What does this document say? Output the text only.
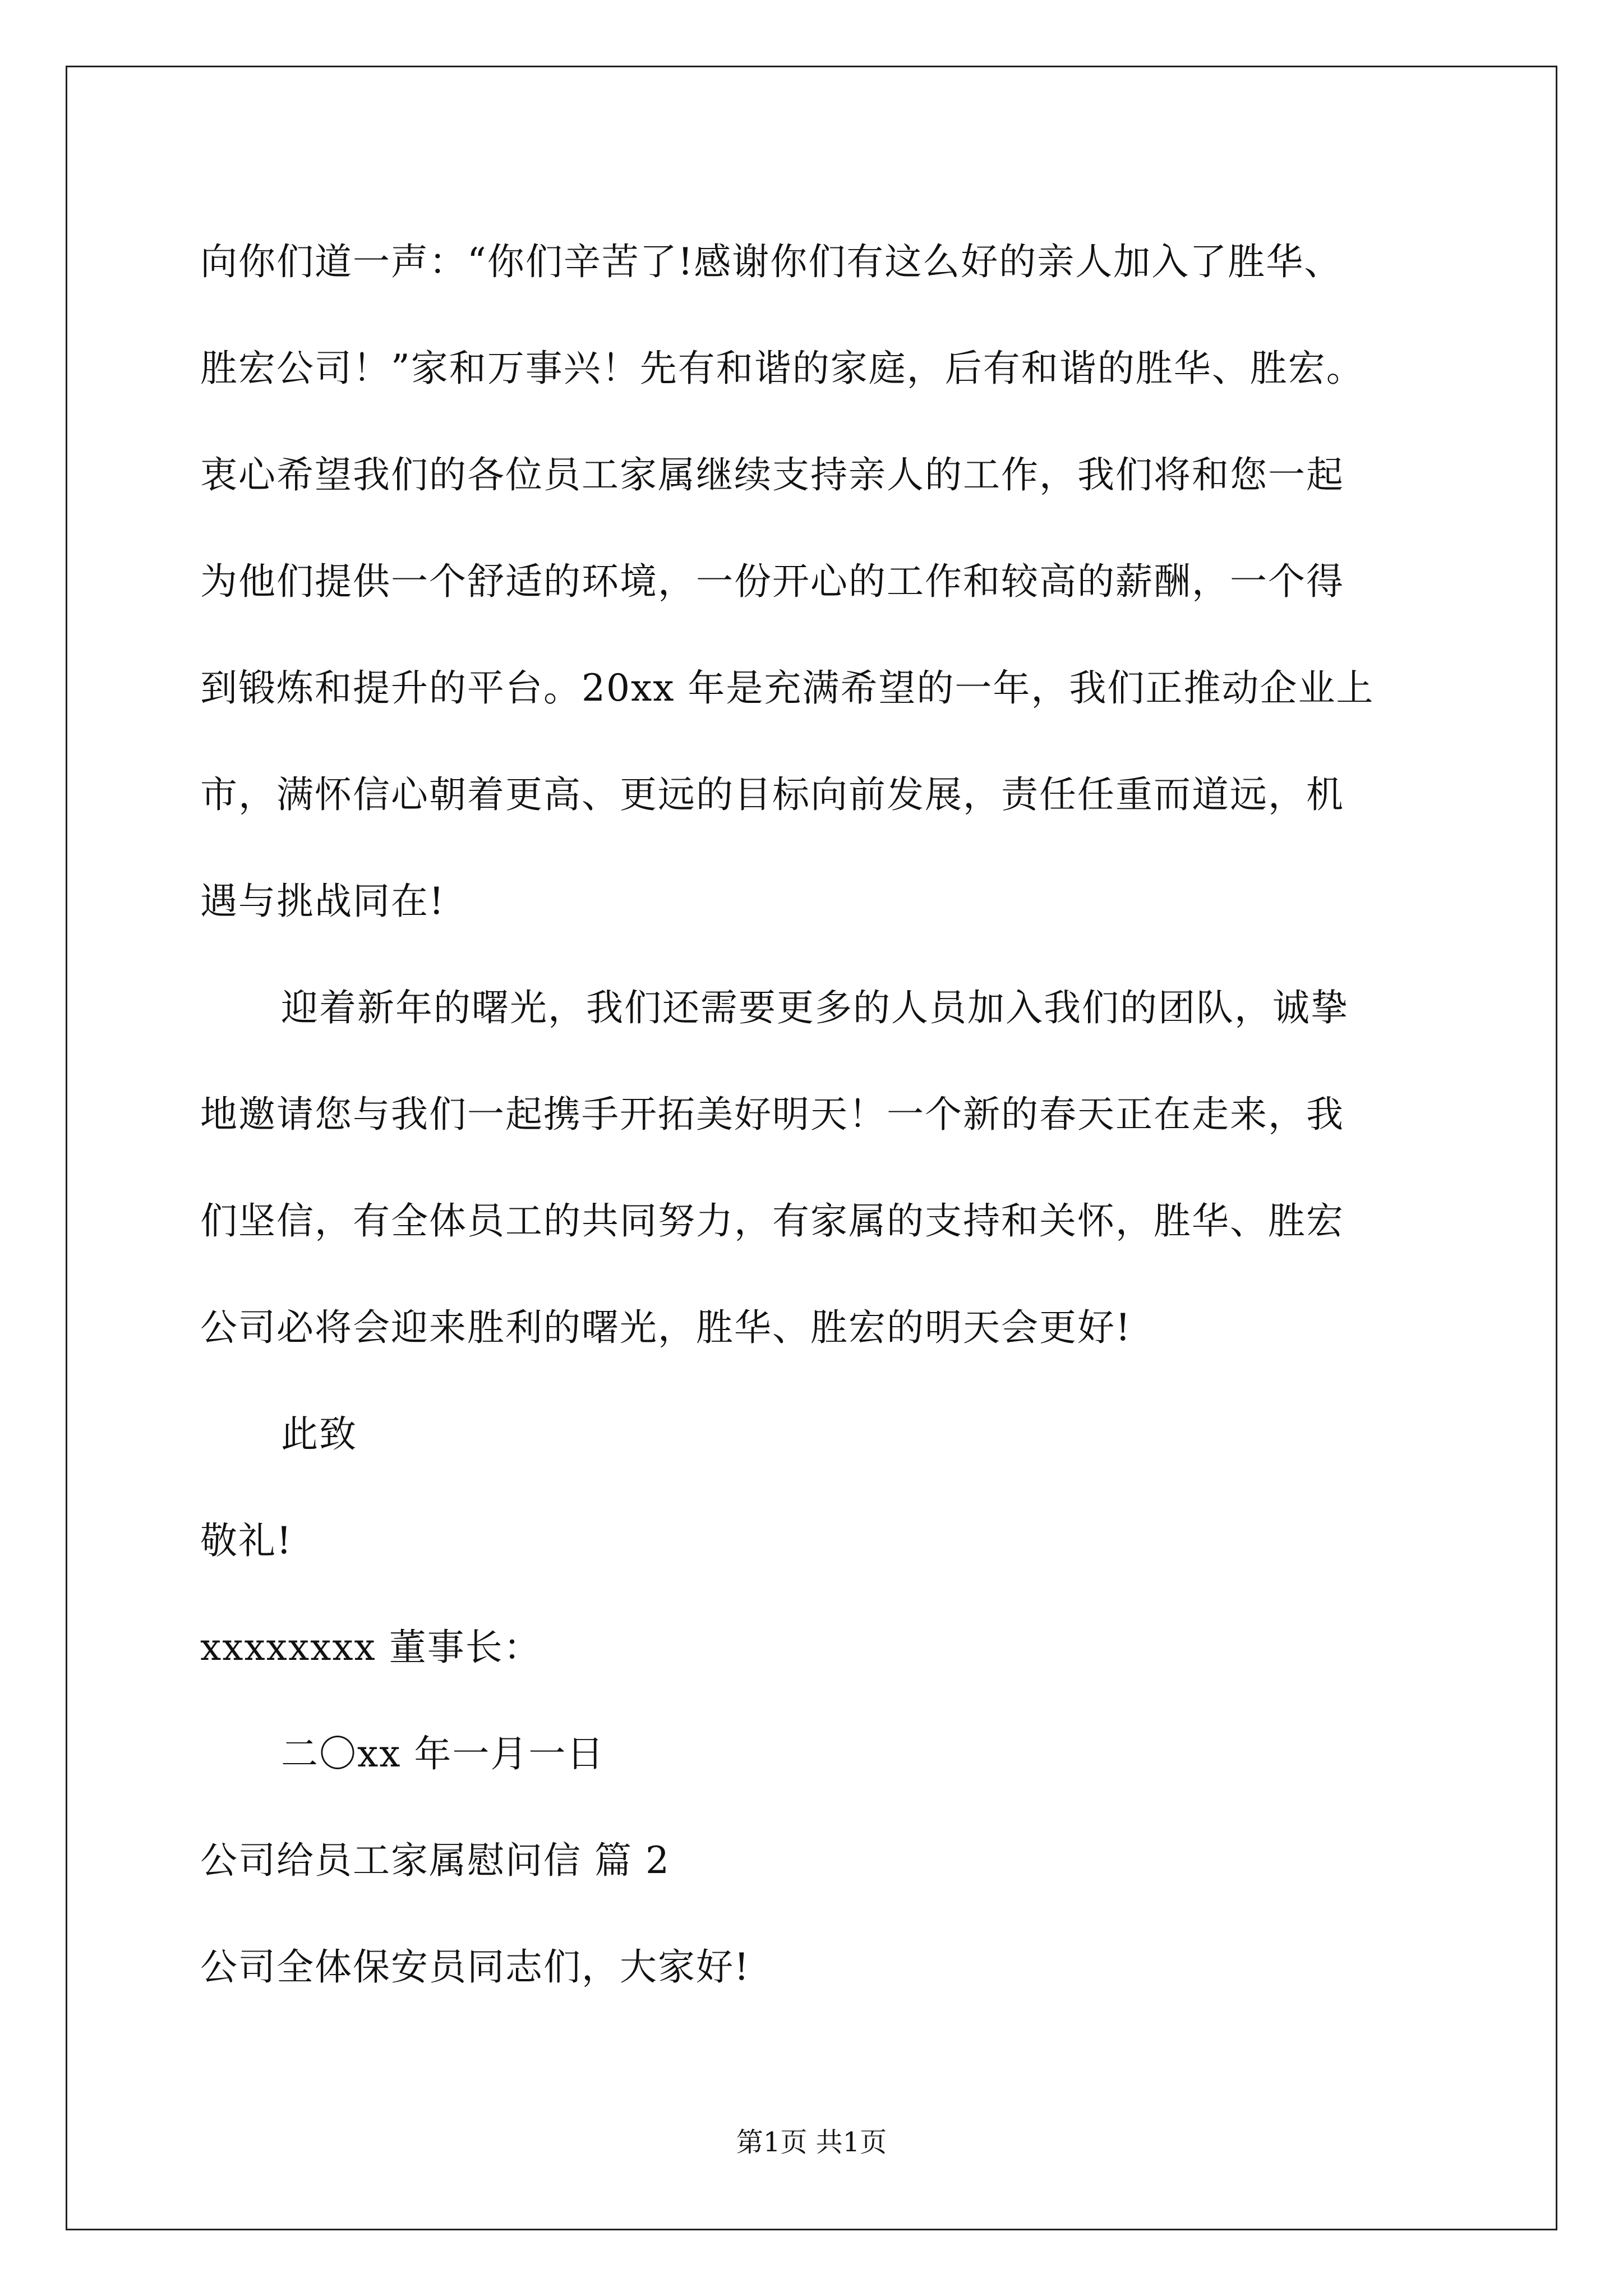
向你们道一声：“你们辛苦了!感谢你们有这么好的亲人加入了胜华、
胜宏公司！”家和万事兴！先有和谐的家庭，后有和谐的胜华、胜宏。
衷心希望我们的各位员工家属继续支持亲人的工作，我们将和您一起
为他们提供一个舒适的环境，一份开心的工作和较高的薪酬，一个得
到锻炼和提升的平台。20xx 年是充满希望的一年，我们正推动企业上
市，满怀信心朝着更高、更远的目标向前发展，责任任重而道远，机
遇与挑战同在!
迎着新年的曙光，我们还需要更多的人员加入我们的团队，诚挚
地邀请您与我们一起携手开拓美好明天！一个新的春天正在走来，我
们坚信，有全体员工的共同努力，有家属的支持和关怀，胜华、胜宏
公司必将会迎来胜利的曙光，胜华、胜宏的明天会更好!
此致
敬礼!
xxxxxxxx 董事长：
二〇xx 年一月一日
公司给员工家属慰问信 篇 2
公司全体保安员同志们，大家好!
第1页 共1页
